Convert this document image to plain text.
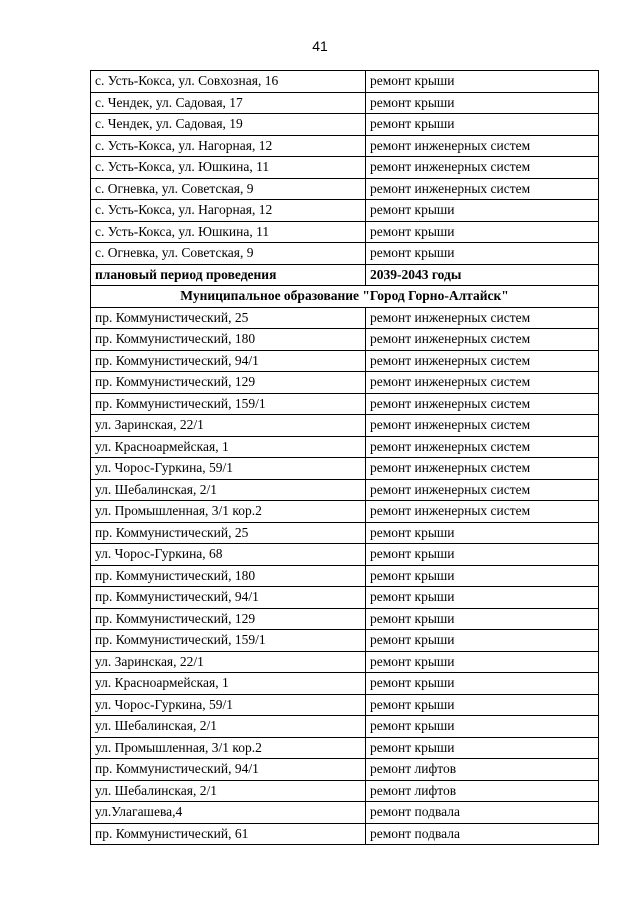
41
с. Усть-Кокса, ул. Совхозная, 16	ремонт крыши
с. Чендек, ул. Садовая, 17	ремонт крыши
с. Чендек, ул. Садовая, 19	ремонт крыши
с. Усть-Кокса, ул. Нагорная, 12	ремонт инженерных систем
с. Усть-Кокса, ул. Юшкина, 11	ремонт инженерных систем
с. Огневка, ул. Советская, 9	ремонт инженерных систем
с. Усть-Кокса, ул. Нагорная, 12	ремонт крыши
с. Усть-Кокса, ул. Юшкина, 11	ремонт крыши
с. Огневка, ул. Советская, 9	ремонт крыши
плановый период проведения	2039-2043 годы
Муниципальное образование "Город Горно-Алтайск"	
пр. Коммунистический, 25	ремонт инженерных систем
пр. Коммунистический, 180	ремонт инженерных систем
пр. Коммунистический, 94/1	ремонт инженерных систем
пр. Коммунистический, 129	ремонт инженерных систем
пр. Коммунистический, 159/1	ремонт инженерных систем
ул. Заринская, 22/1	ремонт инженерных систем
ул. Красноармейская, 1	ремонт инженерных систем
ул. Чорос-Гуркина, 59/1	ремонт инженерных систем
ул. Шебалинская, 2/1	ремонт инженерных систем
ул. Промышленная, 3/1 кор.2	ремонт инженерных систем
пр. Коммунистический, 25	ремонт крыши
ул. Чорос-Гуркина, 68	ремонт крыши
пр. Коммунистический, 180	ремонт крыши
пр. Коммунистический, 94/1	ремонт крыши
пр. Коммунистический, 129	ремонт крыши
пр. Коммунистический, 159/1	ремонт крыши
ул. Заринская, 22/1	ремонт крыши
ул. Красноармейская, 1	ремонт крыши
ул. Чорос-Гуркина, 59/1	ремонт крыши
ул. Шебалинская, 2/1	ремонт крыши
ул. Промышленная, 3/1 кор.2	ремонт крыши
пр. Коммунистический, 94/1	ремонт лифтов
ул. Шебалинская, 2/1	ремонт лифтов
ул.Улагашева,4	ремонт подвала
пр. Коммунистический, 61	ремонт подвала
